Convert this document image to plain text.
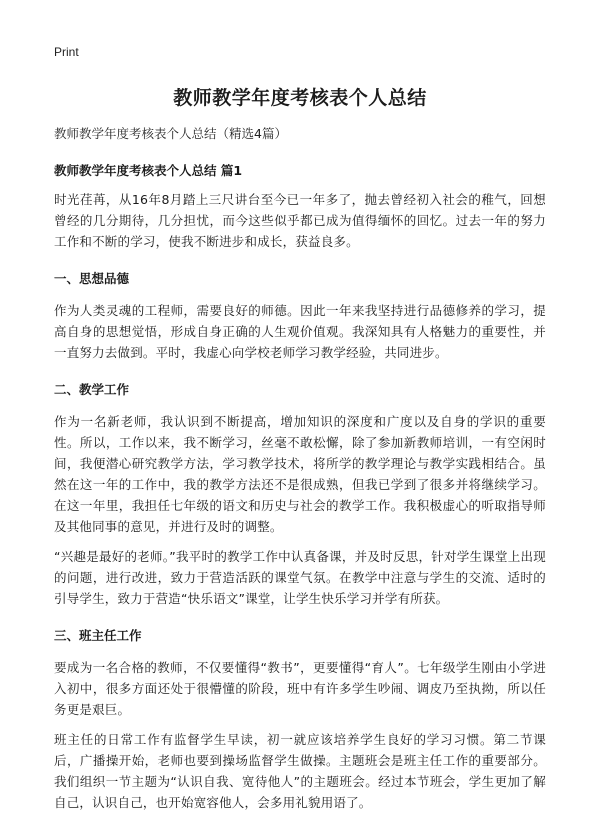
Print
教师教学年度考核表个人总结
教师教学年度考核表个人总结（精选4篇）
教师教学年度考核表个人总结 篇1
时光荏苒，从16年8月踏上三尺讲台至今已一年多了，抛去曾经初入社会的稚气，回想曾经的几分期待，几分担忧，而今这些似乎都已成为值得缅怀的回忆。过去一年的努力工作和不断的学习，使我不断进步和成长，获益良多。
一、思想品德
作为人类灵魂的工程师，需要良好的师德。因此一年来我坚持进行品德修养的学习，提高自身的思想觉悟，形成自身正确的人生观价值观。我深知具有人格魅力的重要性，并一直努力去做到。平时，我虚心向学校老师学习教学经验，共同进步。
二、教学工作
作为一名新老师，我认识到不断提高，增加知识的深度和广度以及自身的学识的重要性。所以，工作以来，我不断学习，丝毫不敢松懈，除了参加新教师培训，一有空闲时间，我便潜心研究教学方法，学习教学技术，将所学的教学理论与教学实践相结合。虽然在这一年的工作中，我的教学方法还不是很成熟，但我已学到了很多并将继续学习。在这一年里，我担任七年级的语文和历史与社会的教学工作。我积极虚心的听取指导师及其他同事的意见，并进行及时的调整。
“兴趣是最好的老师。”我平时的教学工作中认真备课，并及时反思，针对学生课堂上出现的问题，进行改进，致力于营造活跃的课堂气氛。在教学中注意与学生的交流、适时的引导学生，致力于营造“快乐语文”课堂，让学生快乐学习并学有所获。
三、班主任工作
要成为一名合格的教师，不仅要懂得“教书”，更要懂得“育人”。七年级学生刚由小学进入初中，很多方面还处于很懵懂的阶段，班中有许多学生吵闹、调皮乃至执拗，所以任务更是艰巨。
班主任的日常工作有监督学生早读，初一就应该培养学生良好的学习习惯。第二节课后，广播操开始，老师也要到操场监督学生做操。主题班会是班主任工作的重要部分。我们组织一节主题为“认识自我、宽待他人”的主题班会。经过本节班会，学生更加了解自己，认识自己，也开始宽容他人，会多用礼貌用语了。
